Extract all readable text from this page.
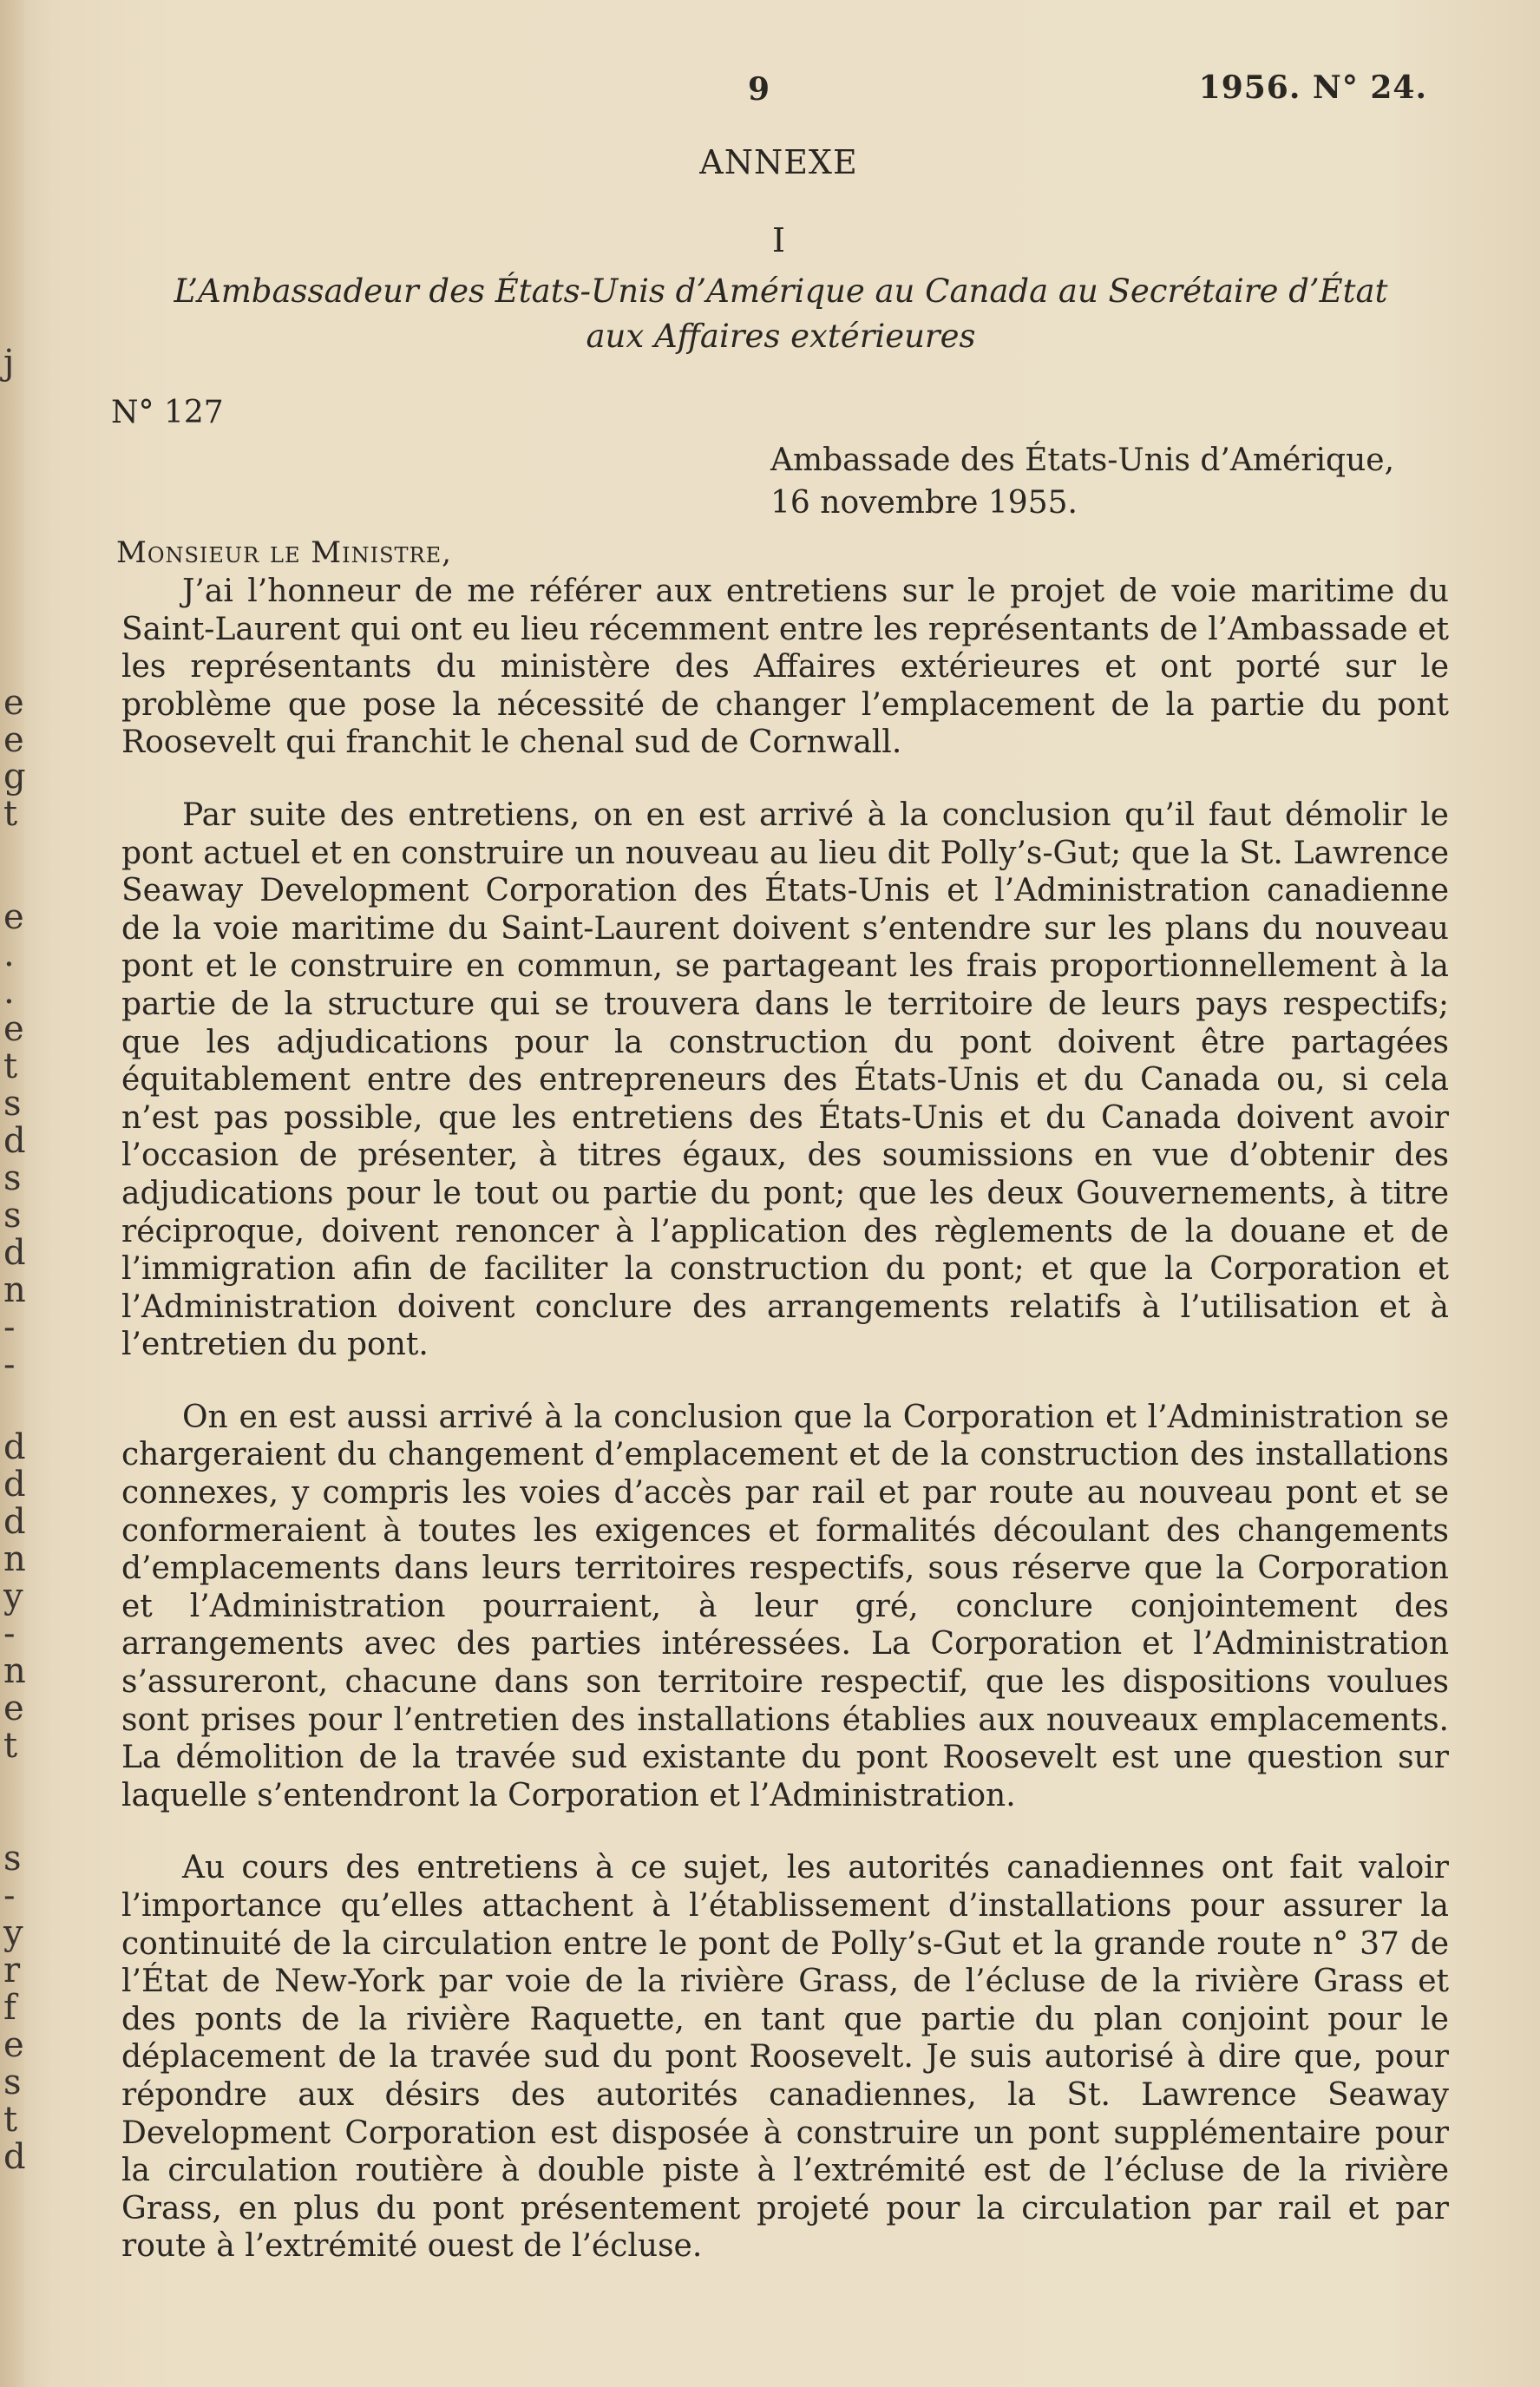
j
e
e
g
t
e
.
.
e
t
s
d
s
s
d
n
-
-
d
d
d
n
y
-
n
e
t
s
-
y
r
f
e
s
t
d
9	1956. N° 24.
ANNEXE
I
L’Ambassadeur des États-Unis d’Amérique au Canada au Secrétaire d’État
aux Affaires extérieures
N° 127
Ambassade des États-Unis d’Amérique,
16 novembre 1955.
Monsieur le Ministre,

J’ai l’honneur de me référer aux entretiens sur le projet de voie maritime du Saint-Laurent qui ont eu lieu récemment entre les représentants de l’Ambassade et les représentants du ministère des Affaires extérieures et ont porté sur le problème que pose la nécessité de changer l’emplacement de la partie du pont Roosevelt qui franchit le chenal sud de Cornwall.

Par suite des entretiens, on en est arrivé à la conclusion qu’il faut démolir le pont actuel et en construire un nouveau au lieu dit Polly’s-Gut; que la St. Lawrence Seaway Development Corporation des États-Unis et l’Administration canadienne de la voie maritime du Saint-Laurent doivent s’entendre sur les plans du nouveau pont et le construire en commun, se partageant les frais proportionnellement à la partie de la structure qui se trouvera dans le territoire de leurs pays respectifs; que les adjudications pour la construction du pont doivent être partagées équitablement entre des entrepreneurs des États-Unis et du Canada ou, si cela n’est pas possible, que les entretiens des États-Unis et du Canada doivent avoir l’occasion de présenter, à titres égaux, des soumissions en vue d’obtenir des adjudications pour le tout ou partie du pont; que les deux Gouvernements, à titre réciproque, doivent renoncer à l’application des règlements de la douane et de l’immigration afin de faciliter la construction du pont; et que la Corporation et l’Administration doivent conclure des arrangements relatifs à l’utilisation et à l’entretien du pont.

On en est aussi arrivé à la conclusion que la Corporation et l’Administration se chargeraient du changement d’emplacement et de la construction des installations connexes, y compris les voies d’accès par rail et par route au nouveau pont et se conformeraient à toutes les exigences et formalités découlant des changements d’emplacements dans leurs territoires respectifs, sous réserve que la Corporation et l’Administration pourraient, à leur gré, conclure conjointement des arrangements avec des parties intéressées. La Corporation et l’Administration s’assureront, chacune dans son territoire respectif, que les dispositions voulues sont prises pour l’entretien des installations établies aux nouveaux emplacements. La démolition de la travée sud existante du pont Roosevelt est une question sur laquelle s’entendront la Corporation et l’Administration.

Au cours des entretiens à ce sujet, les autorités canadiennes ont fait valoir l’importance qu’elles attachent à l’établissement d’installations pour assurer la continuité de la circulation entre le pont de Polly’s-Gut et la grande route n° 37 de l’État de New-York par voie de la rivière Grass, de l’écluse de la rivière Grass et des ponts de la rivière Raquette, en tant que partie du plan conjoint pour le déplacement de la travée sud du pont Roosevelt. Je suis autorisé à dire que, pour répondre aux désirs des autorités canadiennes, la St. Lawrence Seaway Development Corporation est disposée à construire un pont supplémentaire pour la circulation routière à double piste à l’extrémité est de l’écluse de la rivière Grass, en plus du pont présentement projeté pour la circulation par rail et par route à l’extrémité ouest de l’écluse.
